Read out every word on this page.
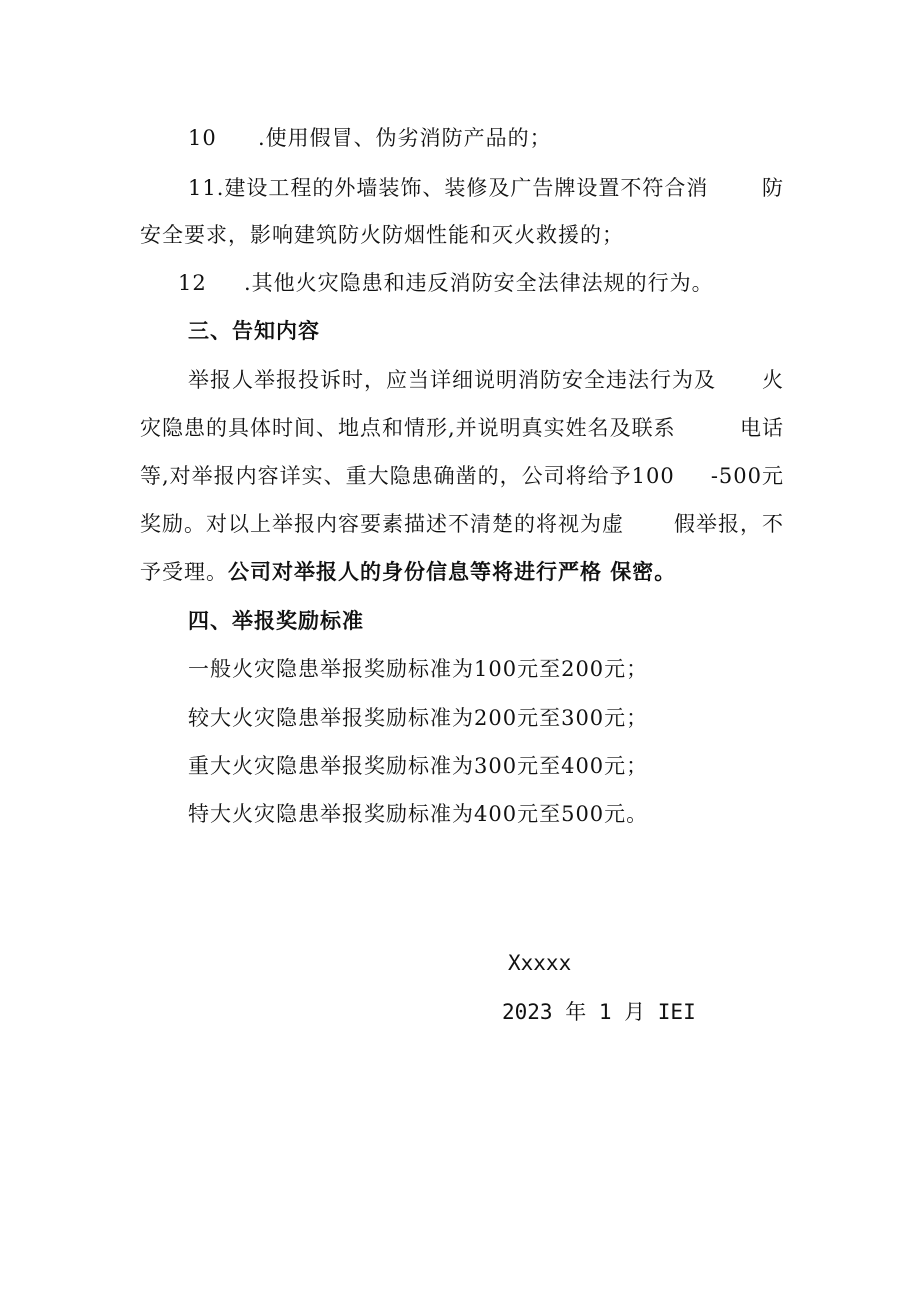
10 .使用假冒、伪劣消防产品的；
11.建设工程的外墙装饰、装修及广告牌设置不符合消	防
安全要求，影响建筑防火防烟性能和灭火救援的；
12 .其他火灾隐患和违反消防安全法律法规的行为。
三、告知内容
举报人举报投诉时，应当详细说明消防安全违法行为及 火
灾隐患的具体时间、地点和情形,并说明真实姓名及联系	电话
等,对举报内容详实、重大隐患确凿的，公司将给予100 -500元
奖励。对以上举报内容要素描述不清楚的将视为虚 假举报，不
予受理。公司对举报人的身份信息等将进行严格 保密。
四、举报奖励标准
一般火灾隐患举报奖励标准为100元至200元；
较大火灾隐患举报奖励标准为200元至300元；
重大火灾隐患举报奖励标准为300元至400元；
特大火灾隐患举报奖励标准为400元至500元。
Xxxxx
2023 年 1 月 IEI
